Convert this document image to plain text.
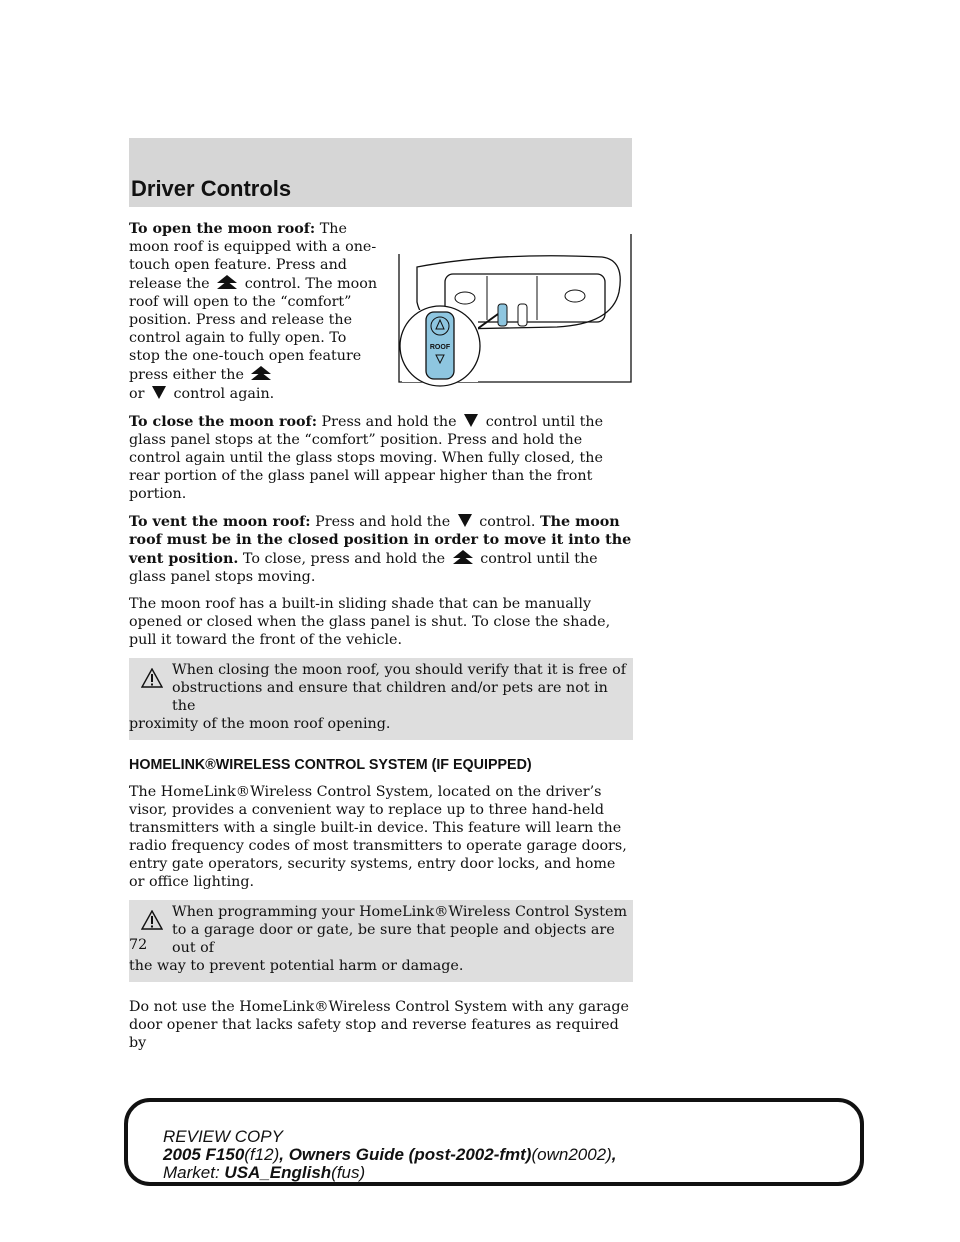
Driver Controls
ROOF

To open the moon roof: The moon roof is equipped with a one-touch open feature. Press and release the control. The moon roof will open to the “comfort” position. Press and release the control again to fully open. To stop the one-touch open feature press either the
or control again.

To close the moon roof: Press and hold the control until the glass panel stops at the “comfort” position. Press and hold the control again until the glass stops moving. When fully closed, the rear portion of the glass panel will appear higher than the front portion.

To vent the moon roof: Press and hold the control. The moon roof must be in the closed position in order to move it into the vent position. To close, press and hold the control until the glass panel stops moving.

The moon roof has a built-in sliding shade that can be manually opened or closed when the glass panel is shut. To close the shade, pull it toward the front of the vehicle.

When closing the moon roof, you should verify that it is free of obstructions and ensure that children and/or pets are not in the
proximity of the moon roof opening.
HOMELINK®WIRELESS CONTROL SYSTEM (IF EQUIPPED)

The HomeLink®Wireless Control System, located on the driver’s visor, provides a convenient way to replace up to three hand-held transmitters with a single built-in device. This feature will learn the radio frequency codes of most transmitters to operate garage doors, entry gate operators, security systems, entry door locks, and home or office lighting.

When programming your HomeLink®Wireless Control System to a garage door or gate, be sure that people and objects are out of
the way to prevent potential harm or damage.

Do not use the HomeLink®Wireless Control System with any garage door opener that lacks safety stop and reverse features as required by

72
REVIEW COPY
2005 F150(f12), Owners Guide (post-2002-fmt)(own2002),
Market: USA_English(fus)
